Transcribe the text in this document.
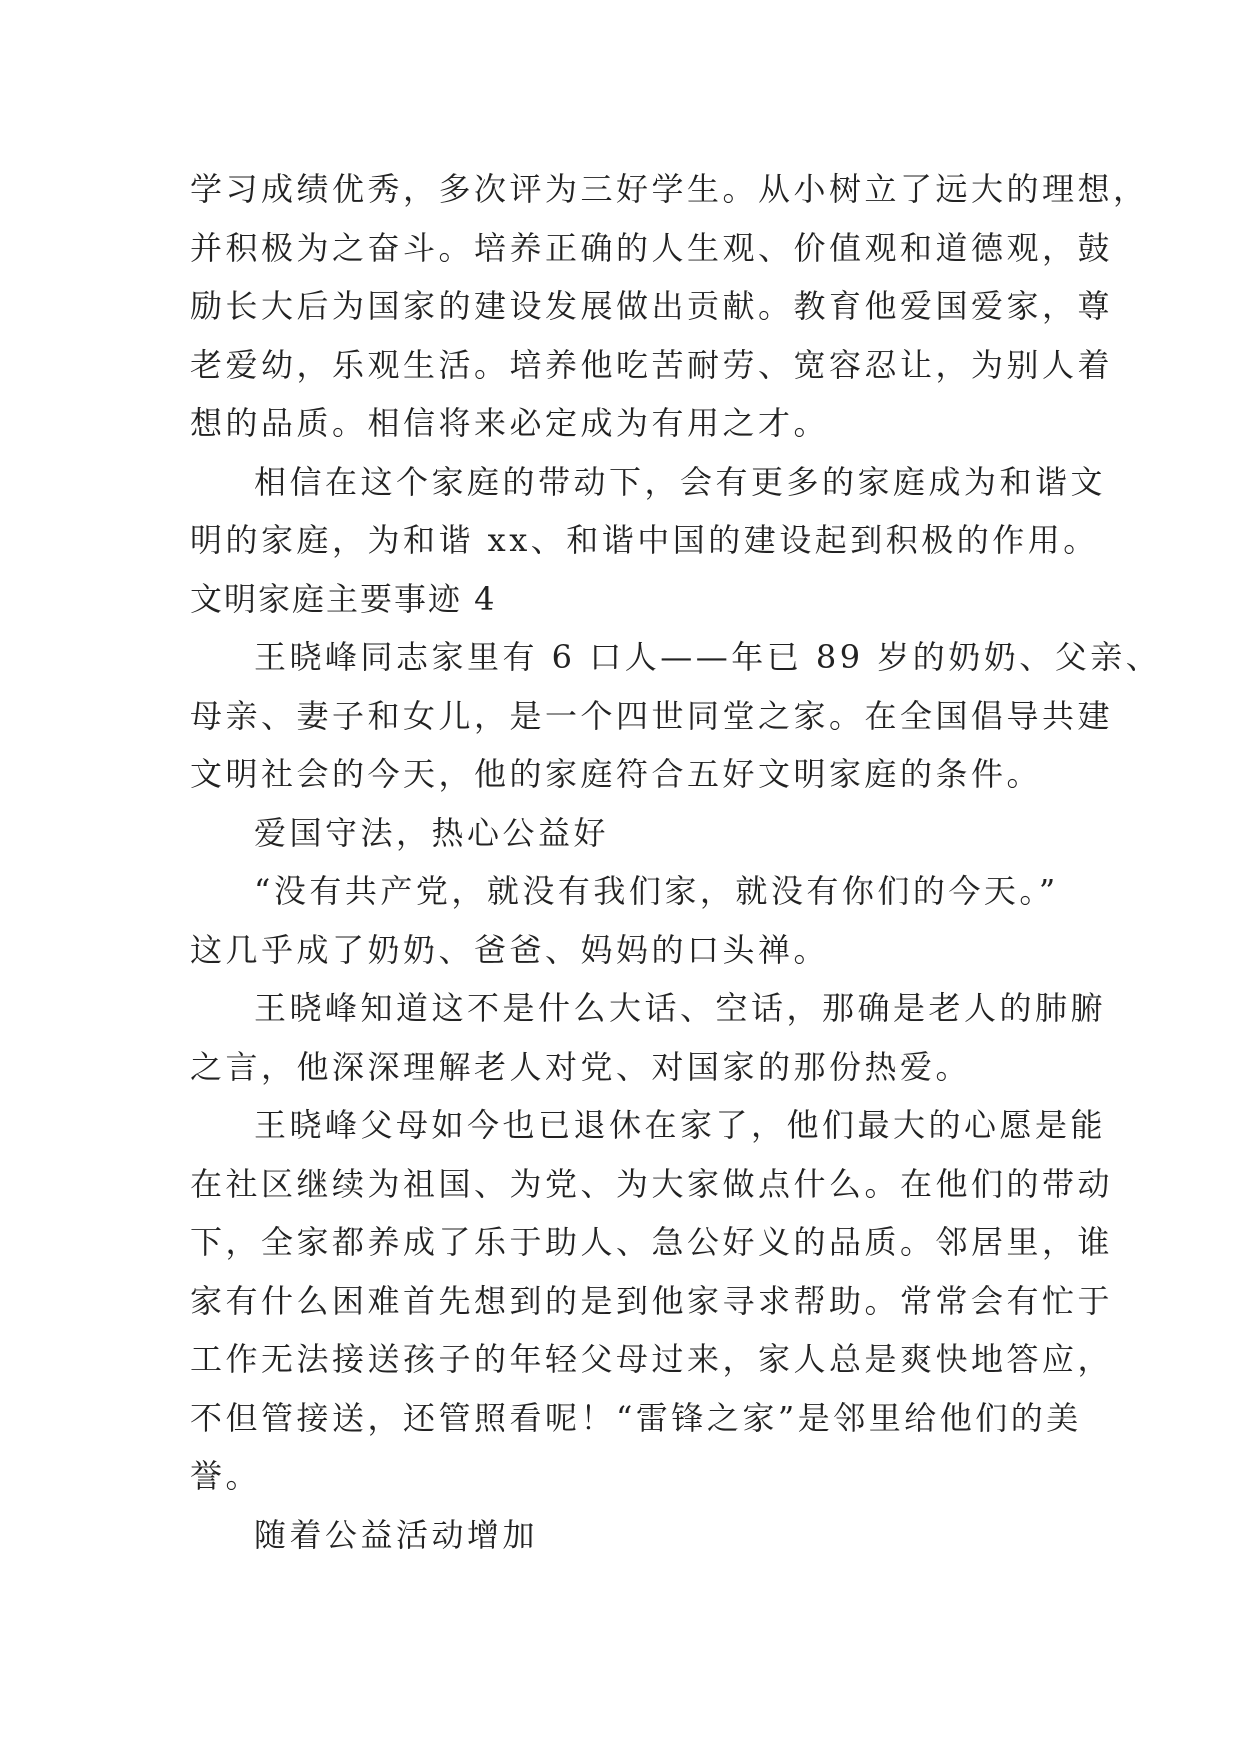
学习成绩优秀，多次评为三好学生。从小树立了远大的理想，
并积极为之奋斗。培养正确的人生观、价值观和道德观，鼓
励长大后为国家的建设发展做出贡献。教育他爱国爱家，尊
老爱幼，乐观生活。培养他吃苦耐劳、宽容忍让，为别人着
想的品质。相信将来必定成为有用之才。
相信在这个家庭的带动下，会有更多的家庭成为和谐文
明的家庭，为和谐 xx、和谐中国的建设起到积极的作用。
文明家庭主要事迹 4
王晓峰同志家里有 6 口人——年已 89 岁的奶奶、父亲、
母亲、妻子和女儿，是一个四世同堂之家。在全国倡导共建
文明社会的今天，他的家庭符合五好文明家庭的条件。
爱国守法，热心公益好
“没有共产党，就没有我们家，就没有你们的今天。”
这几乎成了奶奶、爸爸、妈妈的口头禅。
王晓峰知道这不是什么大话、空话，那确是老人的肺腑
之言，他深深理解老人对党、对国家的那份热爱。
王晓峰父母如今也已退休在家了，他们最大的心愿是能
在社区继续为祖国、为党、为大家做点什么。在他们的带动
下，全家都养成了乐于助人、急公好义的品质。邻居里，谁
家有什么困难首先想到的是到他家寻求帮助。常常会有忙于
工作无法接送孩子的年轻父母过来，家人总是爽快地答应，
不但管接送，还管照看呢！“雷锋之家”是邻里给他们的美
誉。
随着公益活动增加
